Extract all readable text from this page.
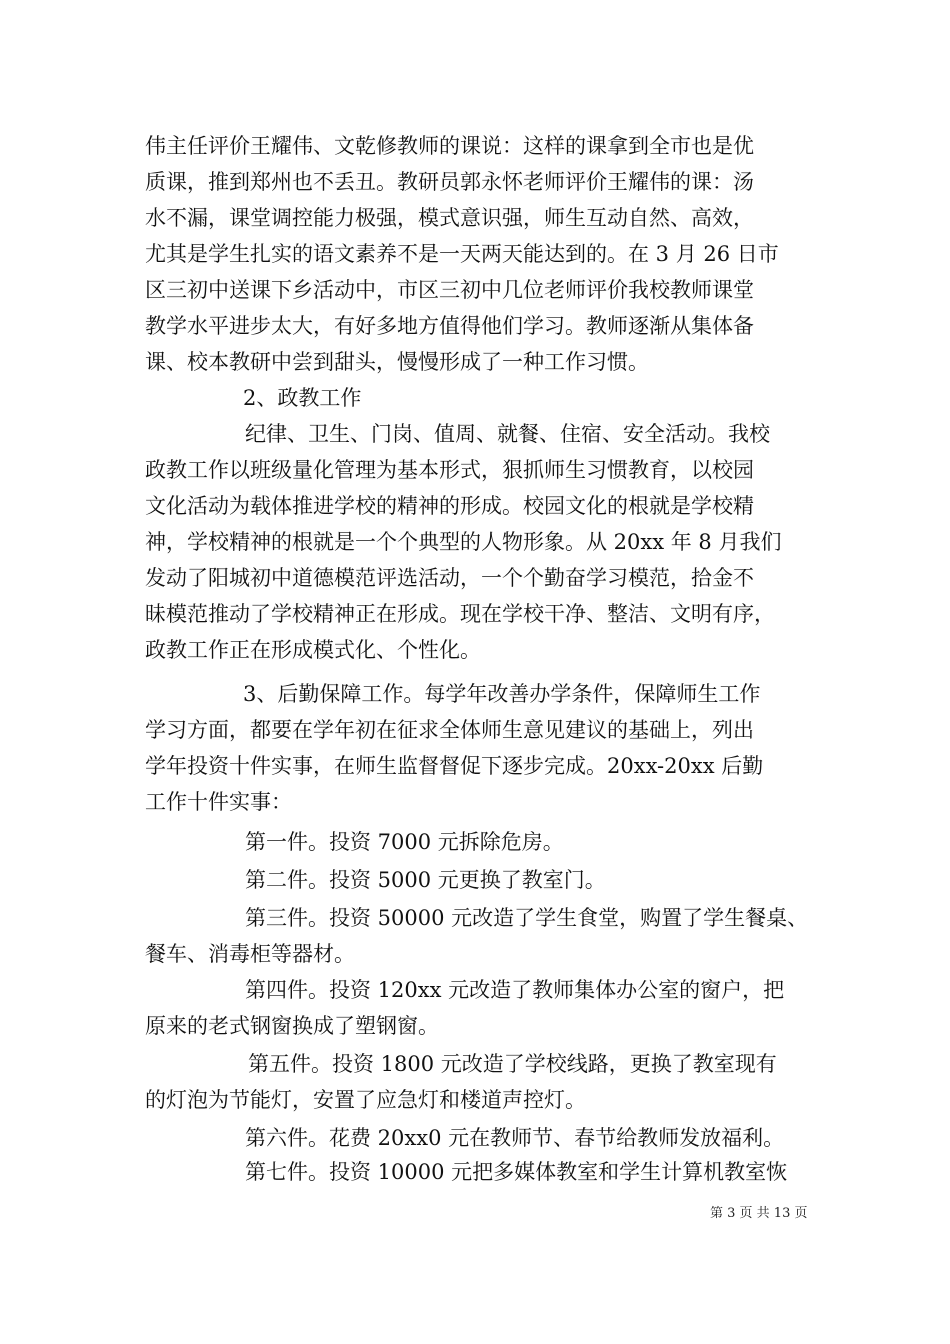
伟主任评价王耀伟、文乾修教师的课说：这样的课拿到全市也是优
质课，推到郑州也不丢丑。教研员郭永怀老师评价王耀伟的课：汤
水不漏，课堂调控能力极强，模式意识强，师生互动自然、高效，
尤其是学生扎实的语文素养不是一天两天能达到的。在 3 月 26 日市
区三初中送课下乡活动中，市区三初中几位老师评价我校教师课堂
教学水平进步太大，有好多地方值得他们学习。教师逐渐从集体备
课、校本教研中尝到甜头，慢慢形成了一种工作习惯。
2、政教工作
纪律、卫生、门岗、值周、就餐、住宿、安全活动。我校
政教工作以班级量化管理为基本形式，狠抓师生习惯教育，以校园
文化活动为载体推进学校的精神的形成。校园文化的根就是学校精
神，学校精神的根就是一个个典型的人物形象。从 20xx 年 8 月我们
发动了阳城初中道德模范评选活动，一个个勤奋学习模范，拾金不
昧模范推动了学校精神正在形成。现在学校干净、整洁、文明有序，
政教工作正在形成模式化、个性化。
3、后勤保障工作。每学年改善办学条件，保障师生工作
学习方面，都要在学年初在征求全体师生意见建议的基础上，列出
学年投资十件实事，在师生监督督促下逐步完成。20xx-20xx 后勤
工作十件实事：
第一件。投资 7000 元拆除危房。
第二件。投资 5000 元更换了教室门。
第三件。投资 50000 元改造了学生食堂，购置了学生餐桌、
餐车、消毒柜等器材。
第四件。投资 120xx 元改造了教师集体办公室的窗户，把
原来的老式钢窗换成了塑钢窗。
第五件。投资 1800 元改造了学校线路，更换了教室现有
的灯泡为节能灯，安置了应急灯和楼道声控灯。
第六件。花费 20xx0 元在教师节、春节给教师发放福利。
第七件。投资 10000 元把多媒体教室和学生计算机教室恢
第 3 页 共 13 页
